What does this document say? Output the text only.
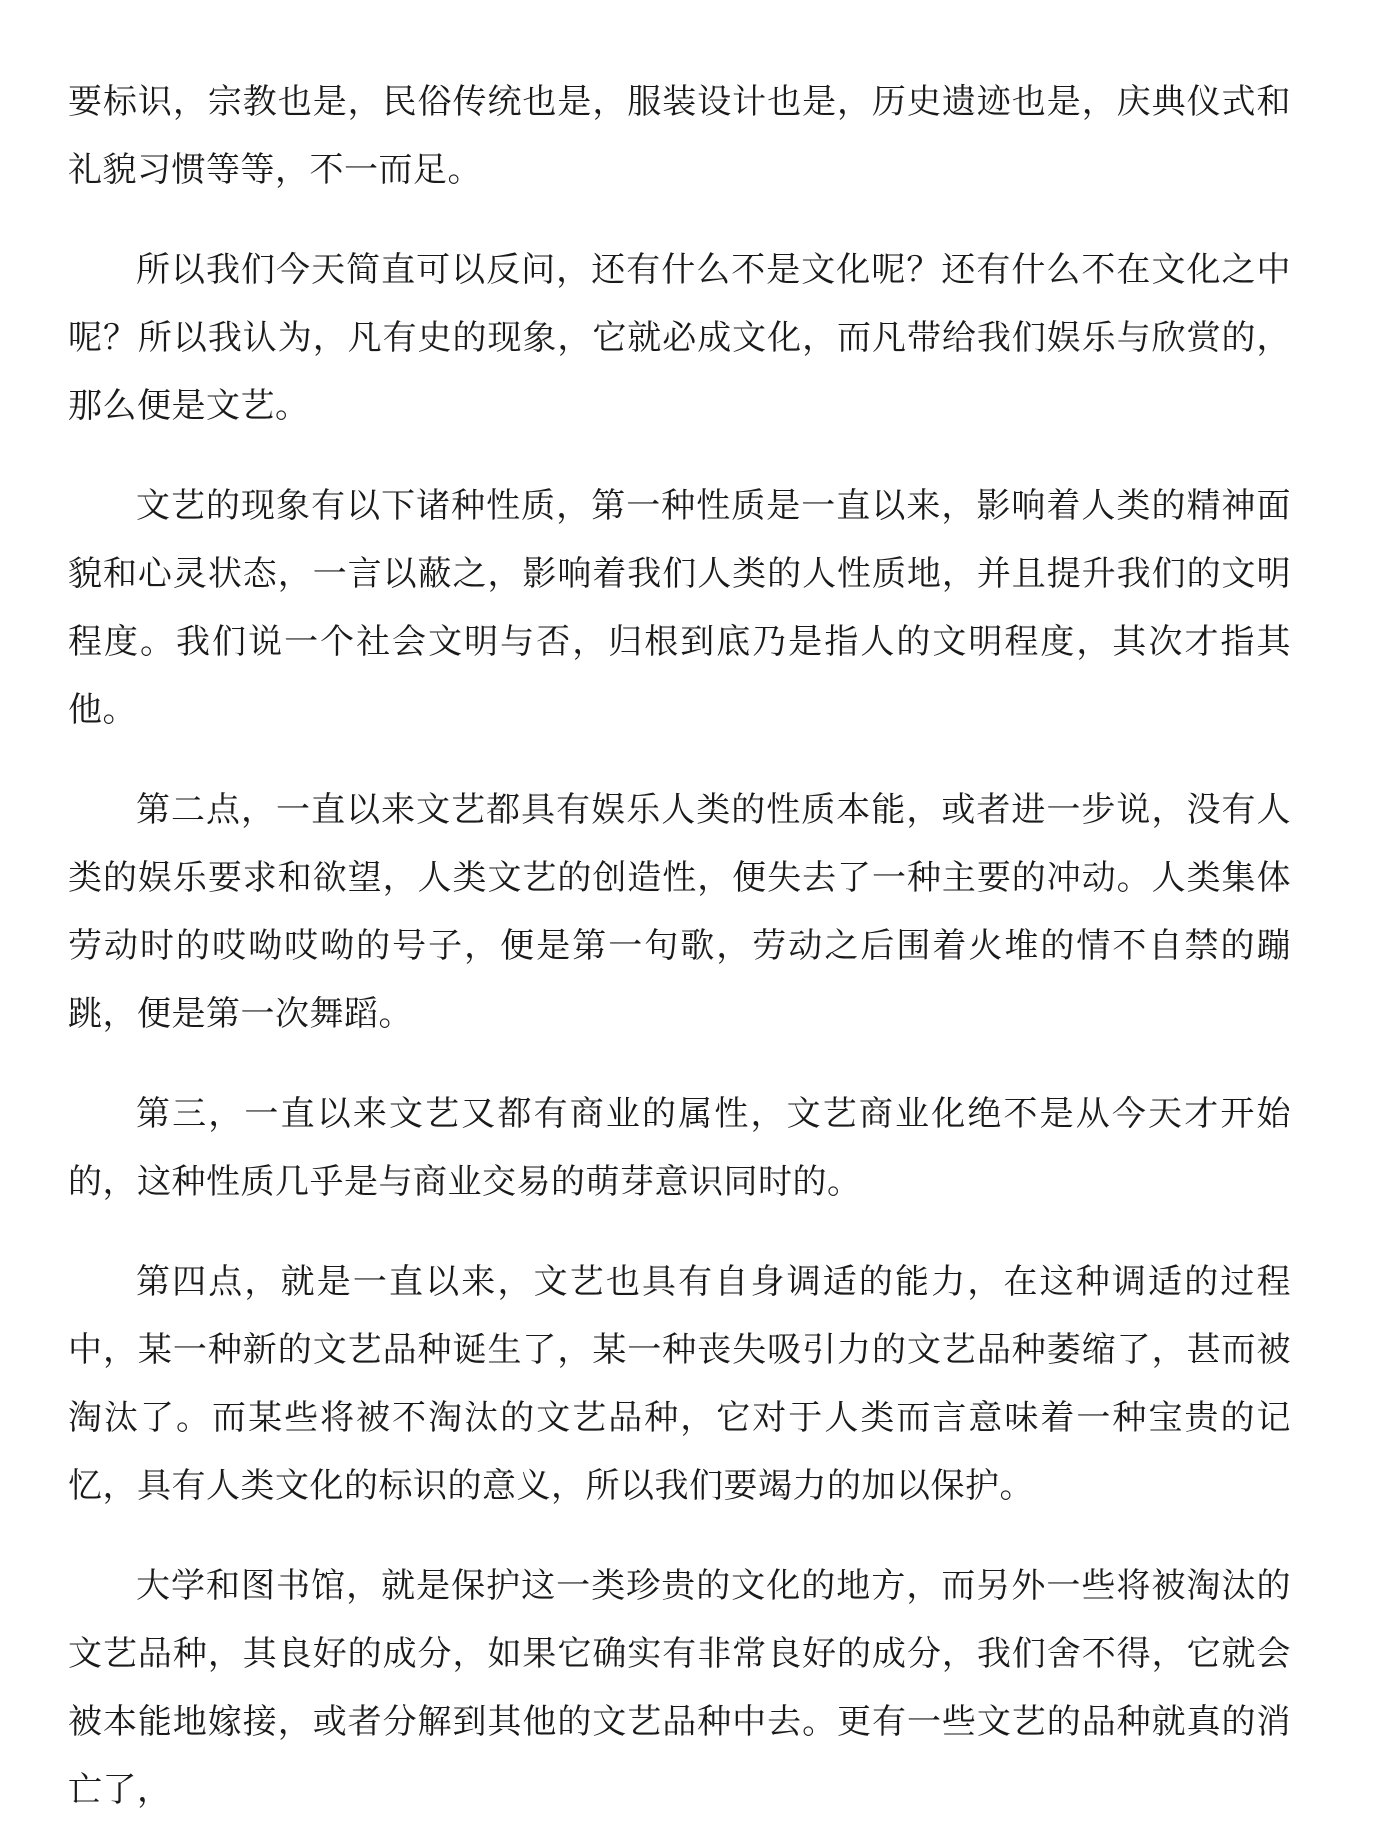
要标识，宗教也是，民俗传统也是，服装设计也是，历史遗迹也是，庆典仪式和礼貌习惯等等，不一而足。

所以我们今天简直可以反问，还有什么不是文化呢？还有什么不在文化之中呢？所以我认为，凡有史的现象，它就必成文化，而凡带给我们娱乐与欣赏的，那么便是文艺。

文艺的现象有以下诸种性质，第一种性质是一直以来，影响着人类的精神面貌和心灵状态，一言以蔽之，影响着我们人类的人性质地，并且提升我们的文明程度。我们说一个社会文明与否，归根到底乃是指人的文明程度，其次才指其他。

第二点，一直以来文艺都具有娱乐人类的性质本能，或者进一步说，没有人类的娱乐要求和欲望，人类文艺的创造性，便失去了一种主要的冲动。人类集体劳动时的哎呦哎呦的号子，便是第一句歌，劳动之后围着火堆的情不自禁的蹦跳，便是第一次舞蹈。

第三，一直以来文艺又都有商业的属性，文艺商业化绝不是从今天才开始的，这种性质几乎是与商业交易的萌芽意识同时的。

第四点，就是一直以来，文艺也具有自身调适的能力，在这种调适的过程中，某一种新的文艺品种诞生了，某一种丧失吸引力的文艺品种萎缩了，甚而被淘汰了。而某些将被不淘汰的文艺品种，它对于人类而言意味着一种宝贵的记忆，具有人类文化的标识的意义，所以我们要竭力的加以保护。

大学和图书馆，就是保护这一类珍贵的文化的地方，而另外一些将被淘汰的文艺品种，其良好的成分，如果它确实有非常良好的成分，我们舍不得，它就会被本能地嫁接，或者分解到其他的文艺品种中去。更有一些文艺的品种就真的消亡了，
